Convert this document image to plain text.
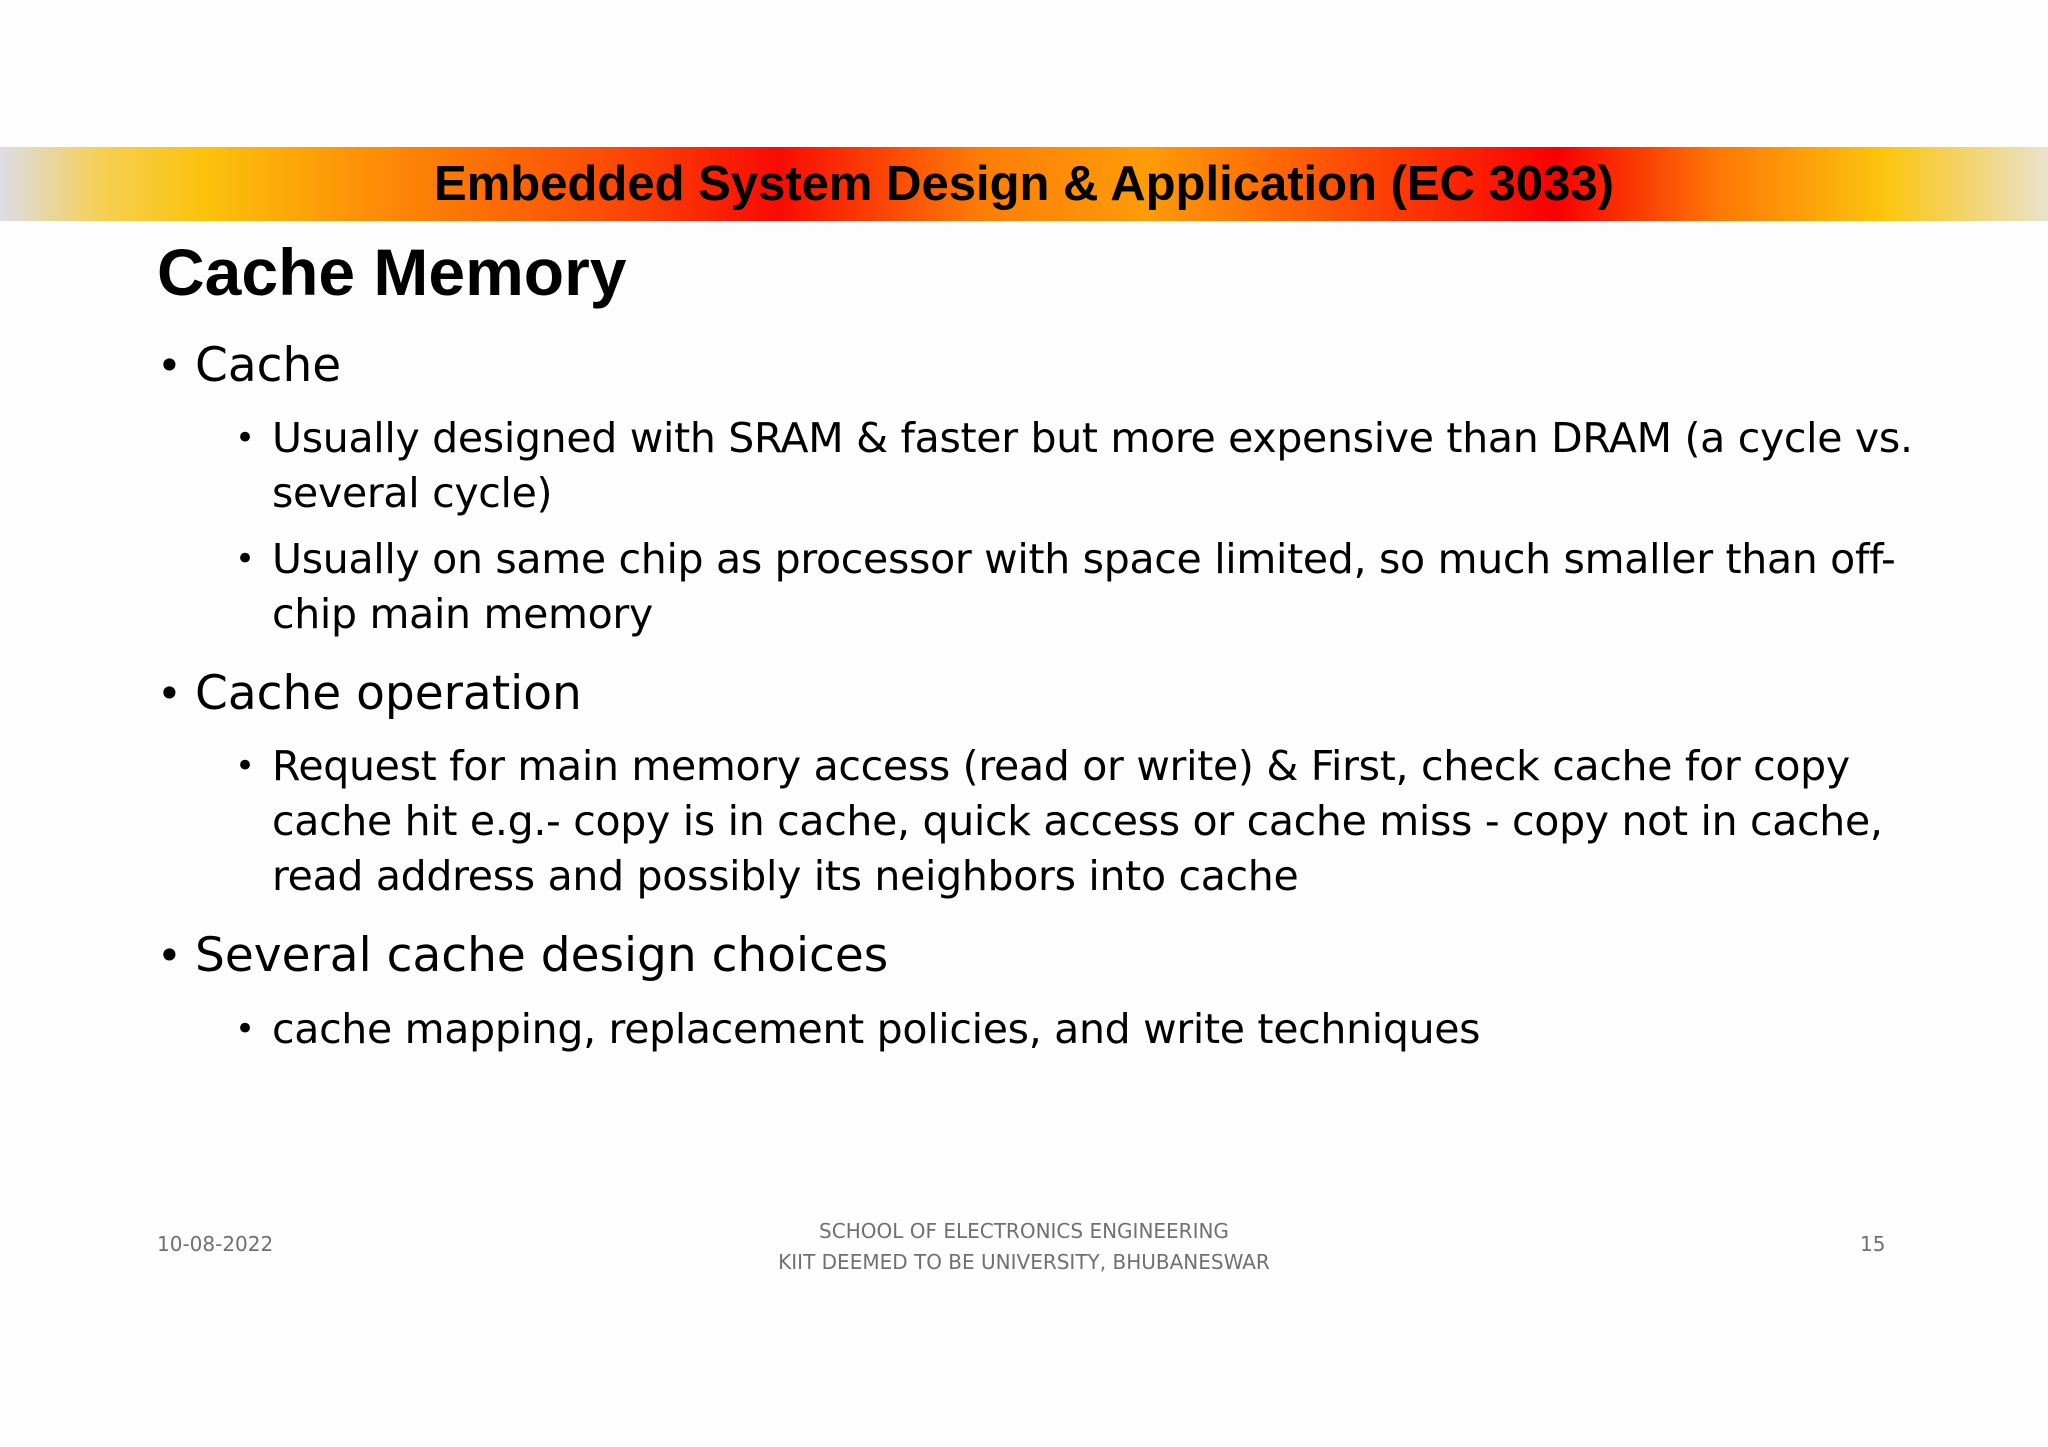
Embedded System Design & Application (EC 3033)
Cache Memory
• Cache
• Usually designed with SRAM & faster but more expensive than DRAM (a cycle vs. several cycle)
• Usually on same chip as processor with space limited, so much smaller than off-chip main memory
• Cache operation
• Request for main memory access (read or write) & First, check cache for copy cache hit e.g.- copy is in cache, quick access or cache miss - copy not in cache, read address and possibly its neighbors into cache
• Several cache design choices
• cache mapping, replacement policies, and write techniques
10-08-2022
SCHOOL OF ELECTRONICS ENGINEERING
KIIT DEEMED TO BE UNIVERSITY, BHUBANESWAR
15
